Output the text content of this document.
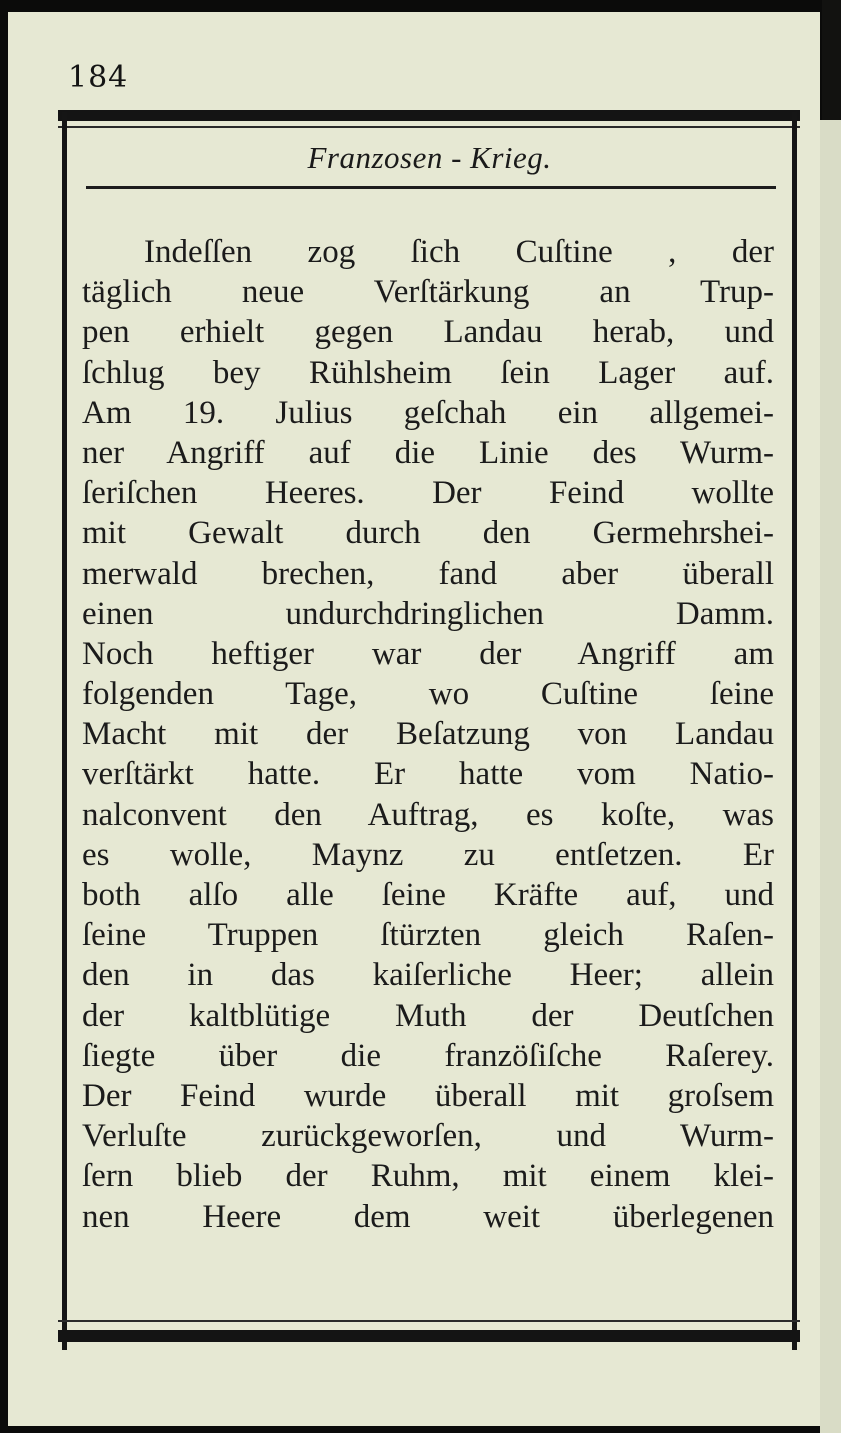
184
Franzosen - Krieg.
Indeſſen zog ſich Cuſtine , der
täglich neue Verſtärkung an Trup-
pen erhielt gegen Landau herab, und
ſchlug bey Rühlsheim ſein Lager auf.
Am 19. Julius geſchah ein allgemei-
ner Angriff auf die Linie des Wurm-
ſeriſchen Heeres. Der Feind wollte
mit Gewalt durch den Germehrshei-
merwald brechen, fand aber überall
einen undurchdringlichen Damm.
Noch heftiger war der Angriff am
folgenden Tage, wo Cuſtine ſeine
Macht mit der Beſatzung von Landau
verſtärkt hatte. Er hatte vom Natio-
nalconvent den Auftrag, es koſte, was
es wolle, Maynz zu entſetzen. Er
both alſo alle ſeine Kräfte auf, und
ſeine Truppen ſtürzten gleich Raſen-
den in das kaiſerliche Heer; allein
der kaltblütige Muth der Deutſchen
ſiegte über die franzöſiſche Raſerey.
Der Feind wurde überall mit groſsem
Verluſte zurückgeworſen, und Wurm-
ſern blieb der Ruhm, mit einem klei-
nen Heere dem weit überlegenen
